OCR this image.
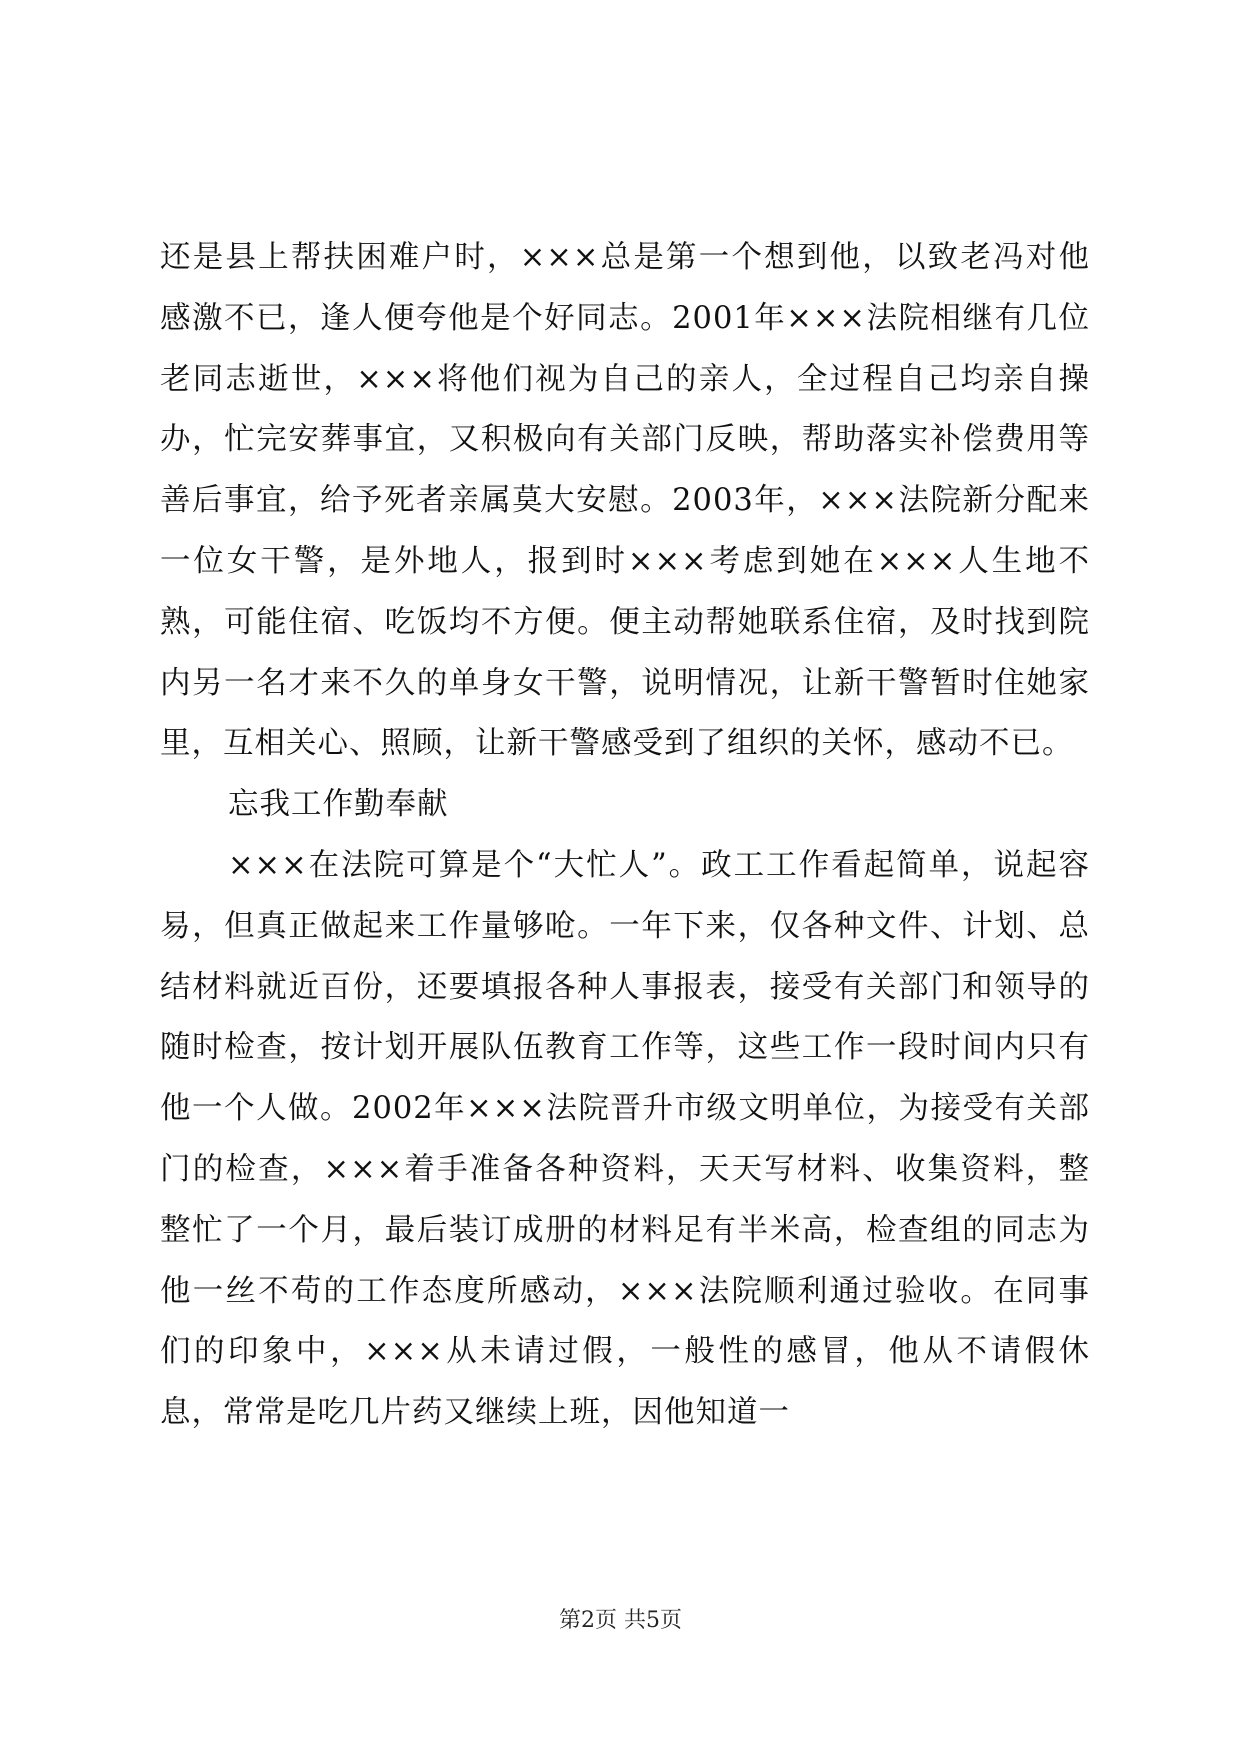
还是县上帮扶困难户时，×××总是第一个想到他，以致老冯对他感激不已，逢人便夸他是个好同志。2001年×××法院相继有几位老同志逝世，×××将他们视为自己的亲人，全过程自己均亲自操办，忙完安葬事宜，又积极向有关部门反映，帮助落实补偿费用等善后事宜，给予死者亲属莫大安慰。2003年，×××法院新分配来一位女干警，是外地人，报到时×××考虑到她在×××人生地不熟，可能住宿、吃饭均不方便。便主动帮她联系住宿，及时找到院内另一名才来不久的单身女干警，说明情况，让新干警暂时住她家里，互相关心、照顾，让新干警感受到了组织的关怀，感动不已。

忘我工作勤奉献

×××在法院可算是个“大忙人”。政工工作看起简单，说起容易，但真正做起来工作量够呛。一年下来，仅各种文件、计划、总结材料就近百份，还要填报各种人事报表，接受有关部门和领导的随时检查，按计划开展队伍教育工作等，这些工作一段时间内只有他一个人做。2002年×××法院晋升市级文明单位，为接受有关部门的检查，×××着手准备各种资料，天天写材料、收集资料，整整忙了一个月，最后装订成册的材料足有半米高，检查组的同志为他一丝不苟的工作态度所感动，×××法院顺利通过验收。在同事们的印象中，×××从未请过假，一般性的感冒，他从不请假休息，常常是吃几片药又继续上班，因他知道一

第2页 共5页
